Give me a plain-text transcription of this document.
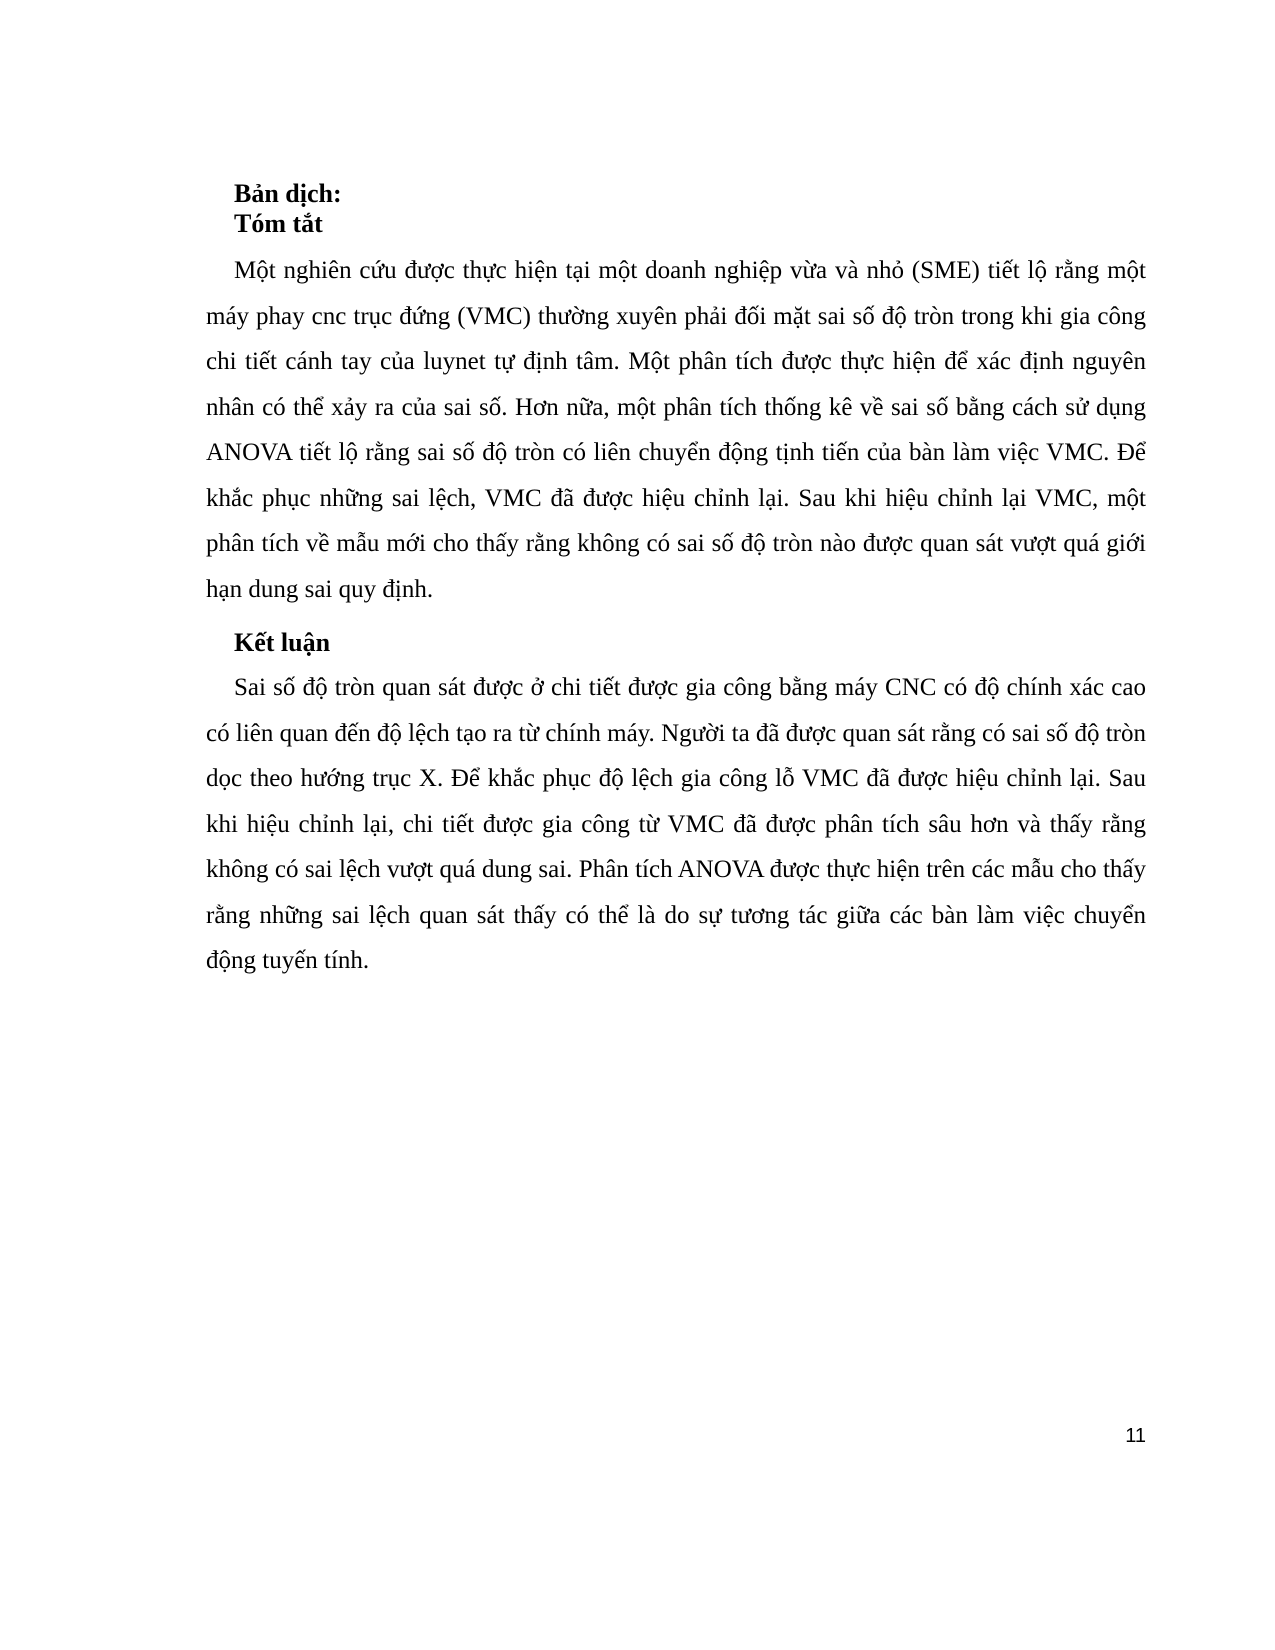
Bản dịch:
Tóm tắt

Một nghiên cứu được thực hiện tại một doanh nghiệp vừa và nhỏ (SME) tiết lộ rằng một máy phay cnc trục đứng (VMC) thường xuyên phải đối mặt sai số độ tròn trong khi gia công chi tiết cánh tay của luynet tự định tâm. Một phân tích được thực hiện để xác định nguyên nhân có thể xảy ra của sai số. Hơn nữa, một phân tích thống kê về sai số bằng cách sử dụng ANOVA tiết lộ rằng sai số độ tròn có liên chuyển động tịnh tiến của bàn làm việc VMC. Để khắc phục những sai lệch, VMC đã được hiệu chỉnh lại. Sau khi hiệu chỉnh lại VMC, một phân tích về mẫu mới cho thấy rằng không có sai số độ tròn nào được quan sát vượt quá giới hạn dung sai quy định.

Kết luận

Sai số độ tròn quan sát được ở chi tiết được gia công bằng máy CNC có độ chính xác cao có liên quan đến độ lệch tạo ra từ chính máy. Người ta đã được quan sát rằng có sai số độ tròn dọc theo hướng trục X. Để khắc phục độ lệch gia công lỗ VMC đã được hiệu chỉnh lại. Sau khi hiệu chỉnh lại, chi tiết được gia công từ VMC đã được phân tích sâu hơn và thấy rằng không có sai lệch vượt quá dung sai. Phân tích ANOVA được thực hiện trên các mẫu cho thấy rằng những sai lệch quan sát thấy có thể là do sự tương tác giữa các bàn làm việc chuyển động tuyến tính.

11
